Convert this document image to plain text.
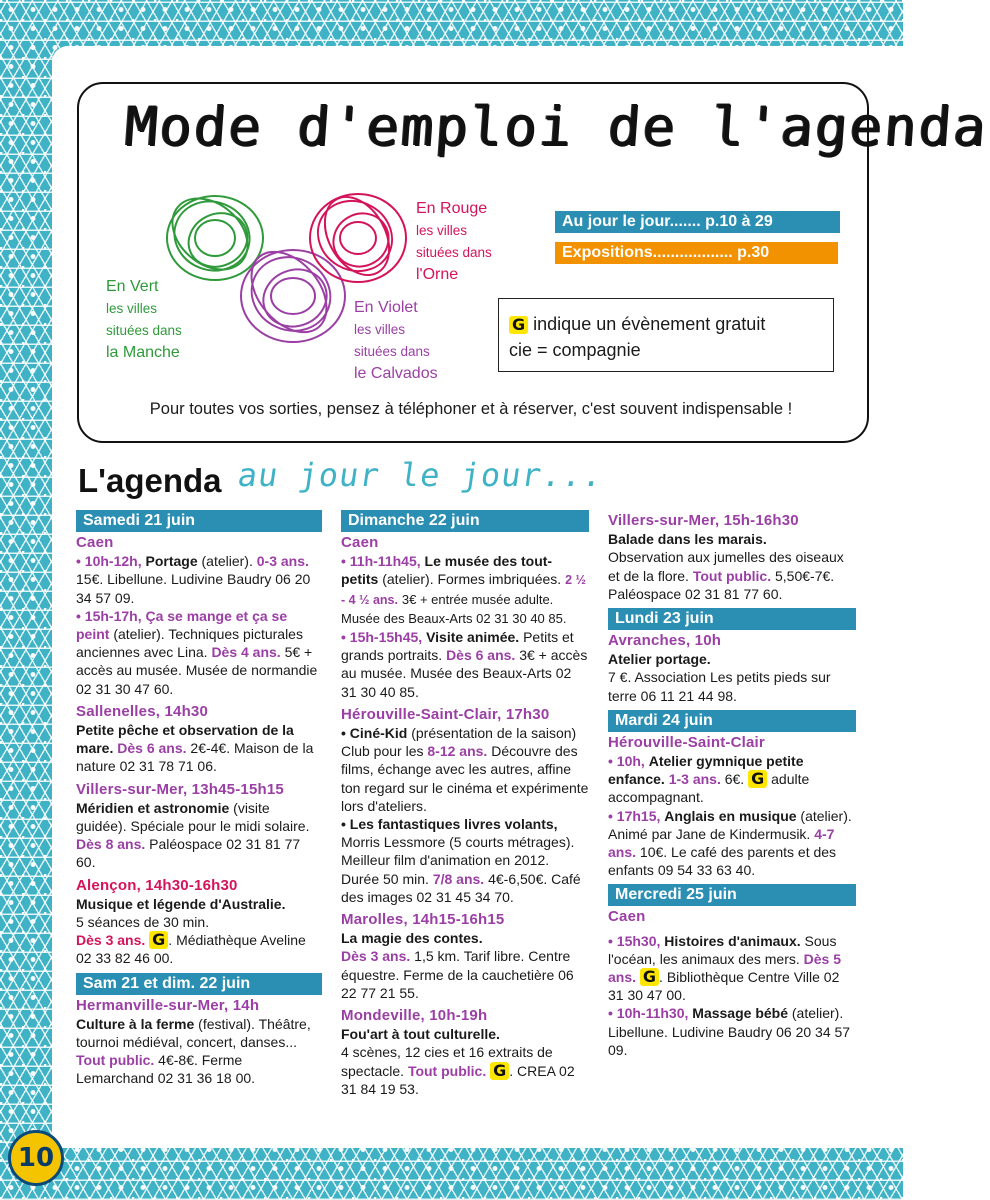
Mode d'emploi de l'agenda
En Vert
les villes
situées dans
la Manche
En Rouge
les villes
situées dans
l'Orne
En Violet
les villes
situées dans
le Calvados
Au jour le jour....... p.10 à 29
Expositions.................. p.30
G indique un évènement gratuit
cie = compagnie
Pour toutes vos sorties, pensez à téléphoner et à réserver, c'est souvent indispensable !
L'agenda au jour le jour...
Samedi 21 juin
Caen

• 10h-12h, Portage (atelier). 0-3 ans. 15€. Libellune. Ludivine Baudry 06 20 34 57 09.

• 15h-17h, Ça se mange et ça se peint (atelier). Techniques picturales anciennes avec Lina. Dès 4 ans. 5€ + accès au musée. Musée de normandie 02 31 30 47 60.

Sallenelles, 14h30

Petite pêche et observation de la mare. Dès 6 ans. 2€-4€. Maison de la nature 02 31 78 71 06.

Villers-sur-Mer, 13h45-15h15

Méridien et astronomie (visite guidée). Spéciale pour le midi solaire. Dès 8 ans. Paléospace 02 31 81 77 60.

Alençon, 14h30-16h30

Musique et légende d'Australie.
5 séances de 30 min.
Dès 3 ans. G . Médiathèque Aveline 02 33 82 46 00.

Sam 21 et dim. 22 juin
Hermanville-sur-Mer, 14h

Culture à la ferme (festival). Théâtre, tournoi médiéval, concert, danses...
Tout public. 4€-8€. Ferme Lemarchand 02 31 36 18 00.

Dimanche 22 juin
Caen

• 11h-11h45, Le musée des tout-petits (atelier). Formes imbriquées. 2 ½ - 4 ½ ans. 3€ + entrée musée adulte. Musée des Beaux-Arts 02 31 30 40 85.

• 15h-15h45, Visite animée. Petits et grands portraits. Dès 6 ans. 3€ + accès au musée. Musée des Beaux-Arts 02 31 30 40 85.

Hérouville-Saint-Clair, 17h30

• Ciné-Kid (présentation de la saison) Club pour les 8-12 ans. Découvre des films, échange avec les autres, affine ton regard sur le cinéma et expérimente lors d'ateliers.

• Les fantastiques livres volants, Morris Lessmore (5 courts métrages). Meilleur film d'animation en 2012. Durée 50 min. 7/8 ans. 4€-6,50€. Café des images 02 31 45 34 70.

Marolles, 14h15-16h15

La magie des contes.
Dès 3 ans. 1,5 km. Tarif libre. Centre équestre. Ferme de la cauchetière 06 22 77 21 55.

Mondeville, 10h-19h

Fou'art à tout culturelle.
4 scènes, 12 cies et 16 extraits de spectacle. Tout public. G . CREA 02 31 84 19 53.

Villers-sur-Mer, 15h-16h30

Balade dans les marais.
Observation aux jumelles des oiseaux et de la flore. Tout public. 5,50€-7€. Paléospace 02 31 81 77 60.

Lundi 23 juin
Avranches, 10h

Atelier portage.
7 €. Association Les petits pieds sur terre 06 11 21 44 98.

Mardi 24 juin
Hérouville-Saint-Clair

• 10h, Atelier gymnique petite enfance. 1-3 ans. 6€. G adulte accompagnant.

• 17h15, Anglais en musique (atelier). Animé par Jane de Kindermusik. 4-7 ans. 10€. Le café des parents et des enfants 09 54 33 63 40.

Mercredi 25 juin
Caen

• 15h30, Histoires d'animaux. Sous l'océan, les animaux des mers. Dès 5 ans. G . Bibliothèque Centre Ville 02 31 30 47 00.

• 10h-11h30, Massage bébé (atelier). Libellune. Ludivine Baudry 06 20 34 57 09.

10
